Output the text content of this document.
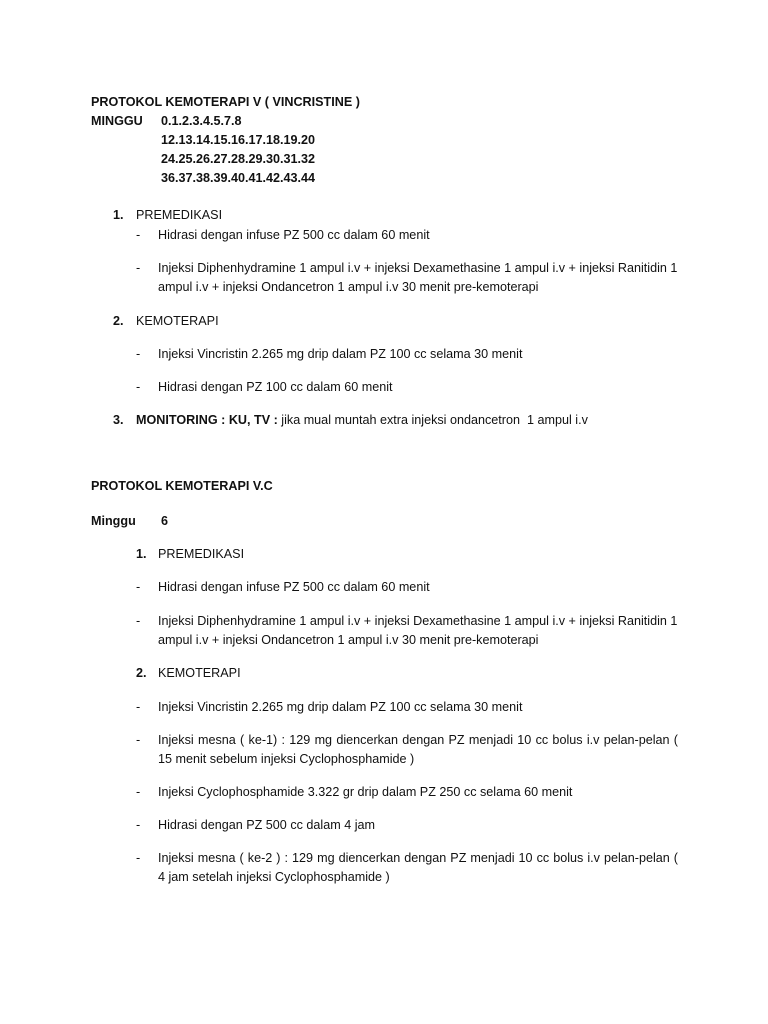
PROTOKOL KEMOTERAPI V ( VINCRISTINE )
MINGGU 0.1.2.3.4.5.7.8
12.13.14.15.16.17.18.19.20
24.25.26.27.28.29.30.31.32
36.37.38.39.40.41.42.43.44
1. PREMEDIKASI
- Hidrasi dengan infuse PZ 500 cc dalam 60 menit
- Injeksi Diphenhydramine 1 ampul i.v + injeksi Dexamethasine 1 ampul i.v + injeksi Ranitidin 1 ampul i.v + injeksi Ondancetron 1 ampul i.v 30 menit pre-kemoterapi
2. KEMOTERAPI
- Injeksi Vincristin 2.265 mg drip dalam PZ 100 cc selama 30 menit
- Hidrasi dengan PZ 100 cc dalam 60 menit
3. MONITORING : KU, TV : jika mual muntah extra injeksi ondancetron  1 ampul i.v
PROTOKOL KEMOTERAPI V.C
Minggu 6
1. PREMEDIKASI
- Hidrasi dengan infuse PZ 500 cc dalam 60 menit
- Injeksi Diphenhydramine 1 ampul i.v + injeksi Dexamethasine 1 ampul i.v + injeksi Ranitidin 1 ampul i.v + injeksi Ondancetron 1 ampul i.v 30 menit pre-kemoterapi
2. KEMOTERAPI
- Injeksi Vincristin 2.265 mg drip dalam PZ 100 cc selama 30 menit
- Injeksi mesna ( ke-1) : 129 mg diencerkan dengan PZ menjadi 10 cc bolus i.v pelan-pelan ( 15 menit sebelum injeksi Cyclophosphamide )
- Injeksi Cyclophosphamide 3.322 gr drip dalam PZ 250 cc selama 60 menit
- Hidrasi dengan PZ 500 cc dalam 4 jam
- Injeksi mesna ( ke-2 ) : 129 mg diencerkan dengan PZ menjadi 10 cc bolus i.v pelan-pelan ( 4 jam setelah injeksi Cyclophosphamide )
